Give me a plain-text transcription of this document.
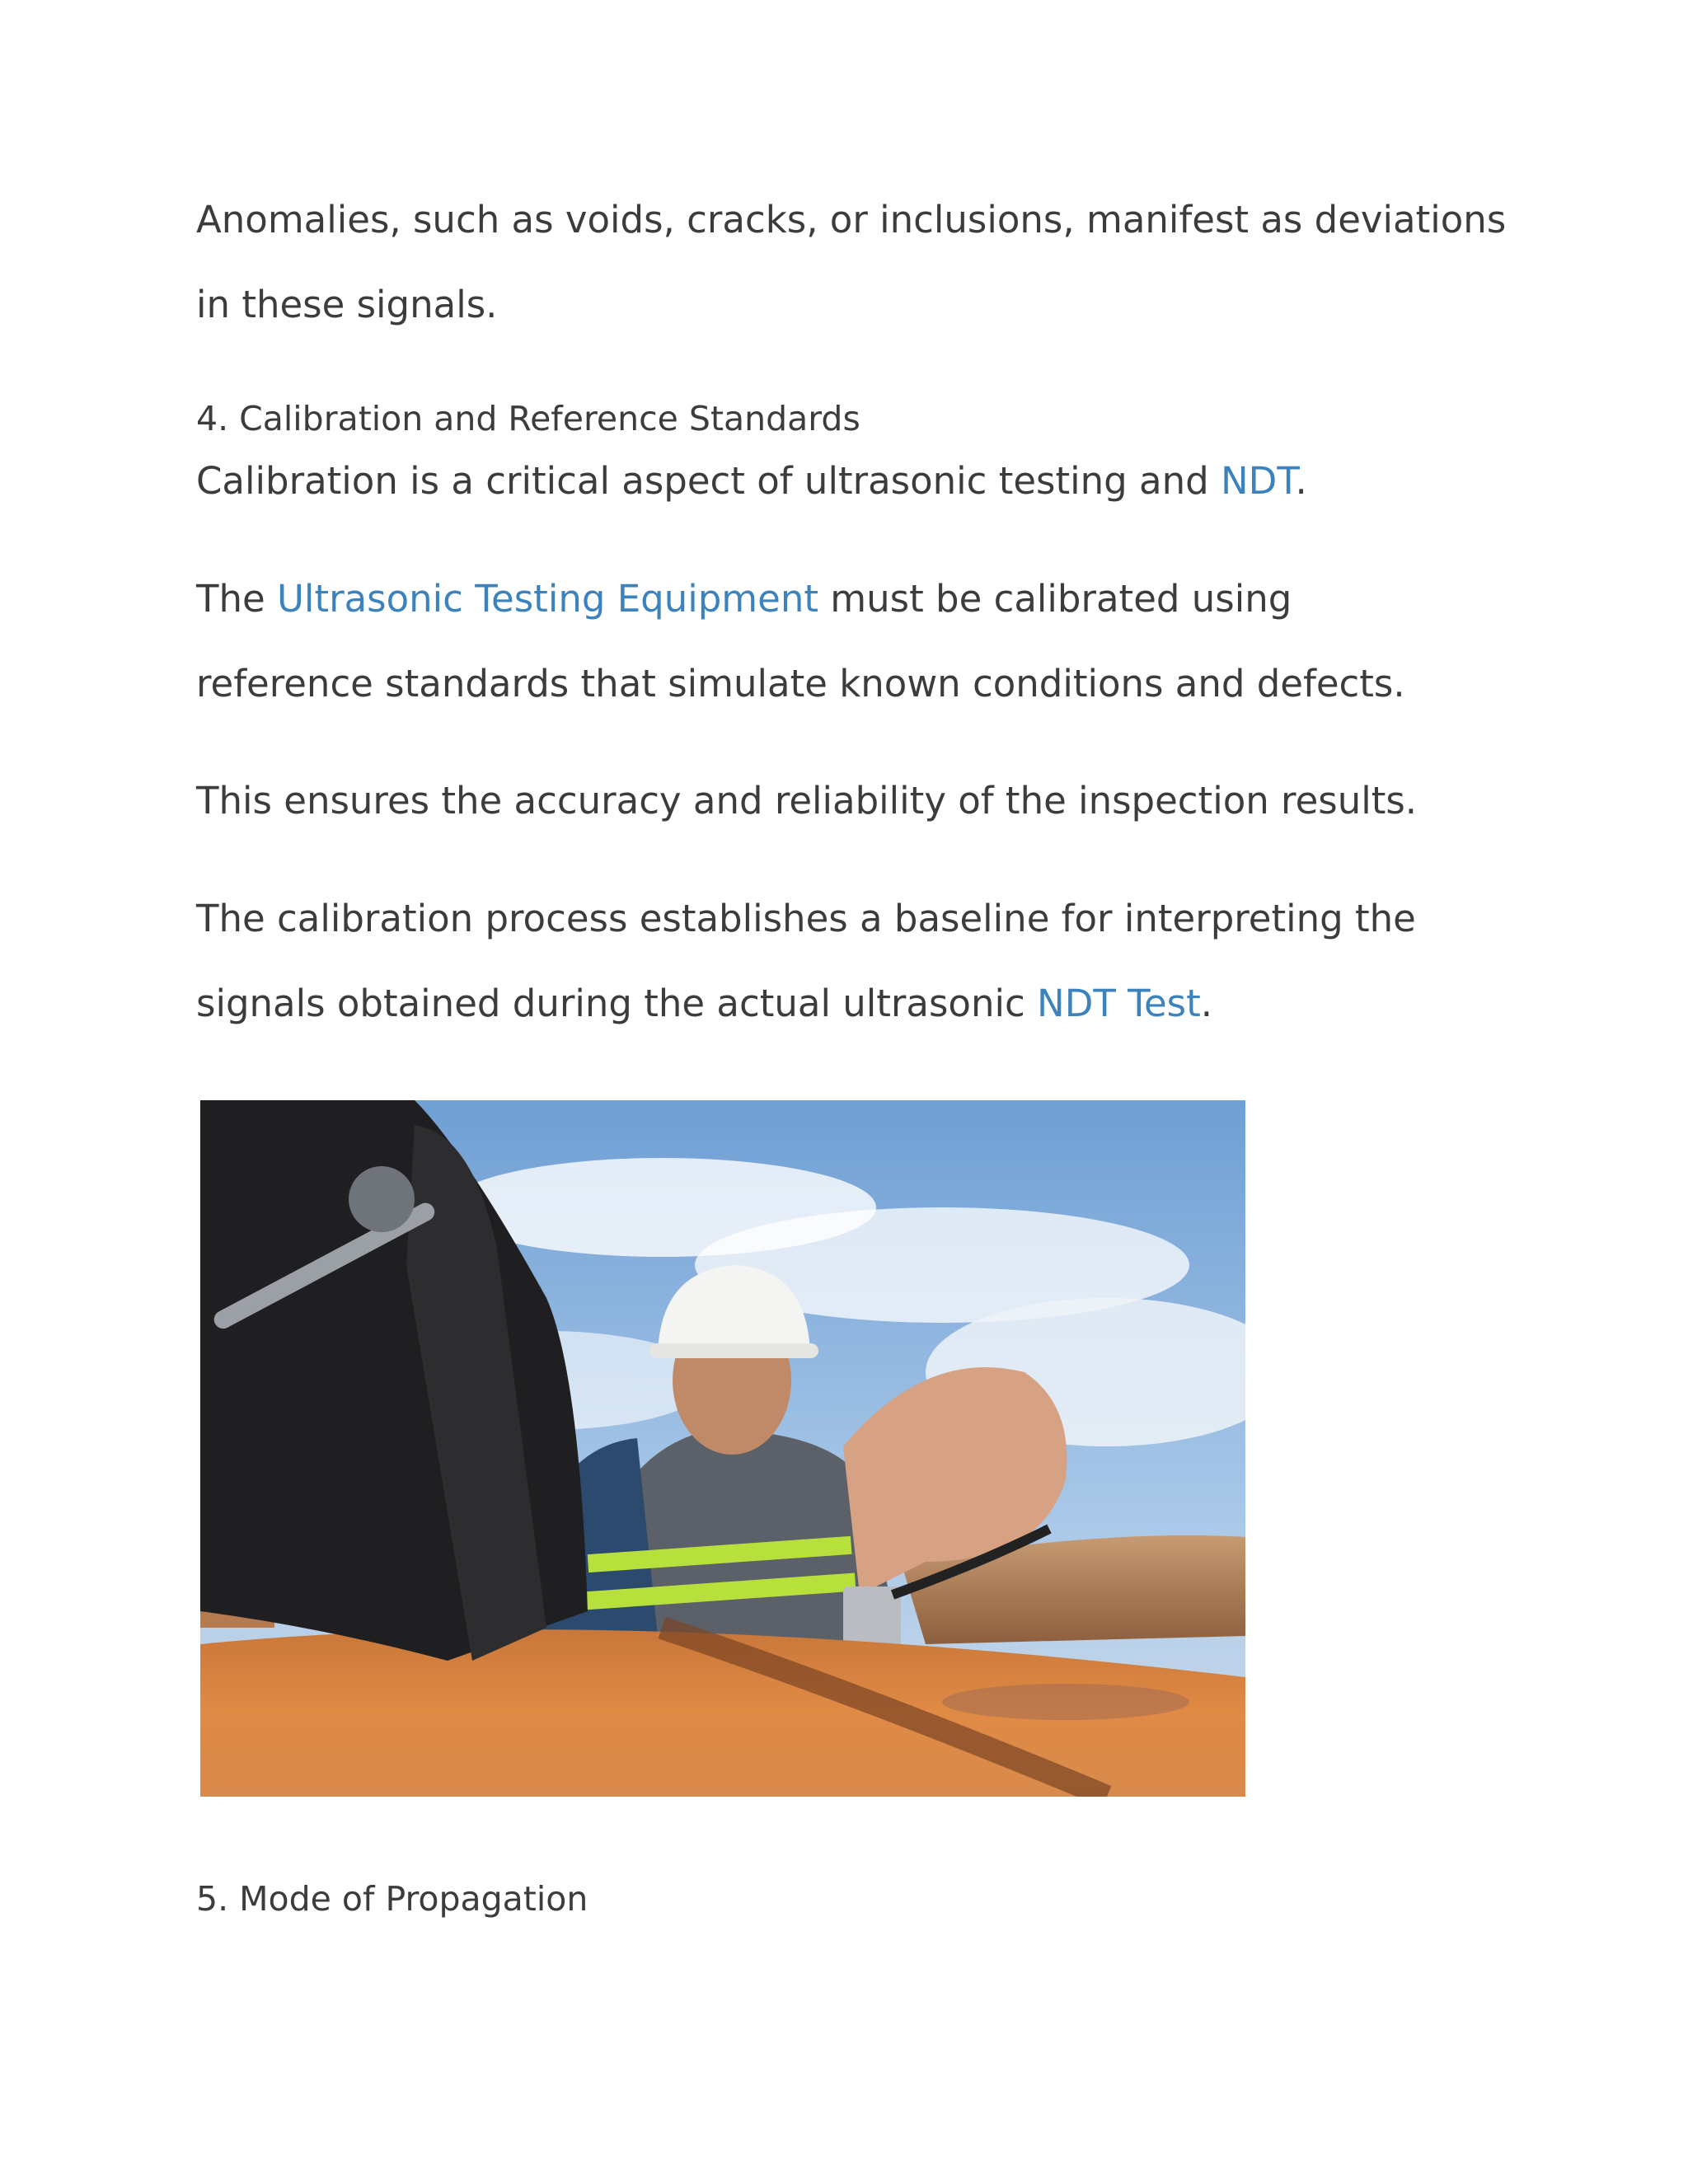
Anomalies, such as voids, cracks, or inclusions, manifest as deviations

in these signals.

4. Calibration and Reference Standards

Calibration is a critical aspect of ultrasonic testing and NDT.

The Ultrasonic Testing Equipment must be calibrated using

reference standards that simulate known conditions and defects.

This ensures the accuracy and reliability of the inspection results.

The calibration process establishes a baseline for interpreting the

signals obtained during the actual ultrasonic NDT Test.

5. Mode of Propagation
